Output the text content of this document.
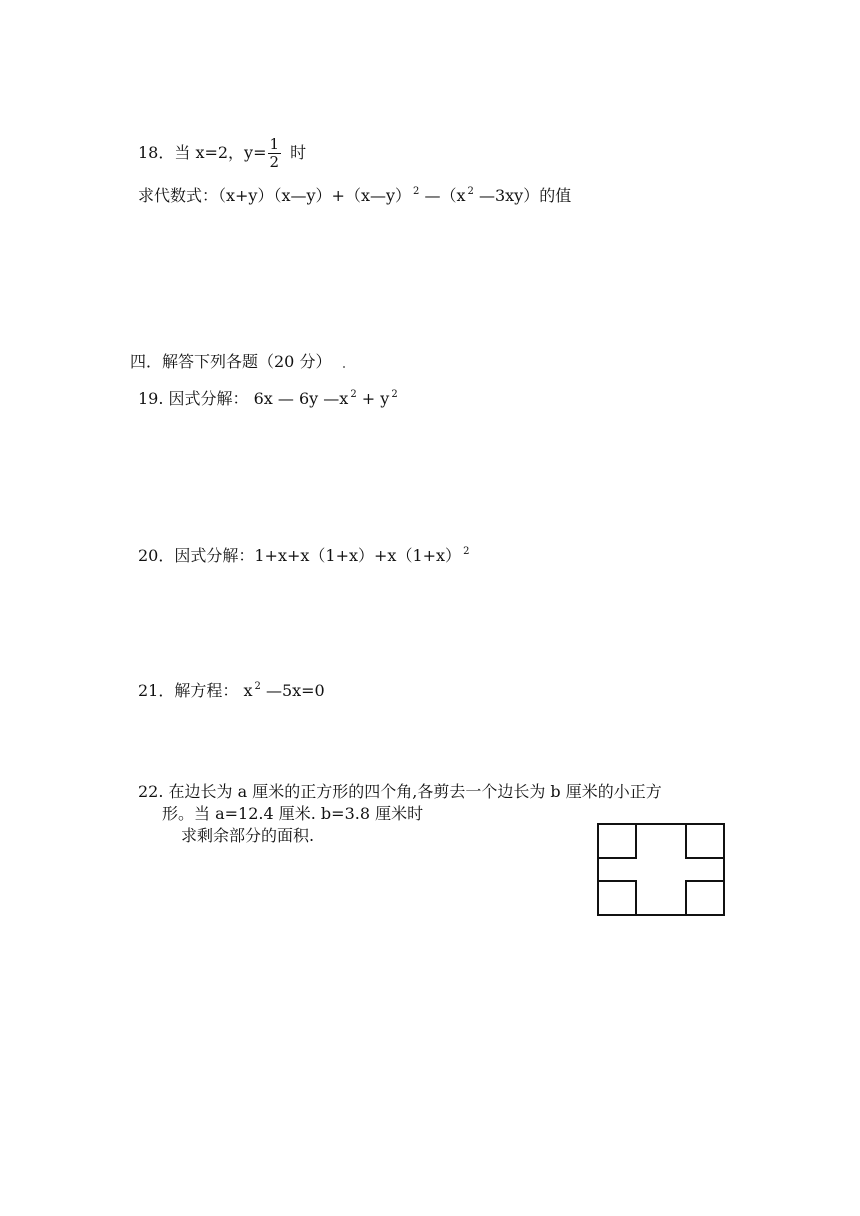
18．当 x=2，$y= \frac{1}{2}$ 时
求代数式：（x+y）（x—y）+（x—y） $^2$ —（x $^2$ —3xy）的值
四．解答下列各题（20 分）
19. 因式分解： 6x — 6y —x $^2$ + y $^2$
20．因式分解：1+x+x（1+x）+x（1+x） $^2$
21．解方程： x $^2$ —5x=0
22. 在边长为 a 厘米的正方形的四个角,各剪去一个边长为 b 厘米的小正方
形。当 a=12.4 厘米. b=3.8 厘米时
求剩余部分的面积.
